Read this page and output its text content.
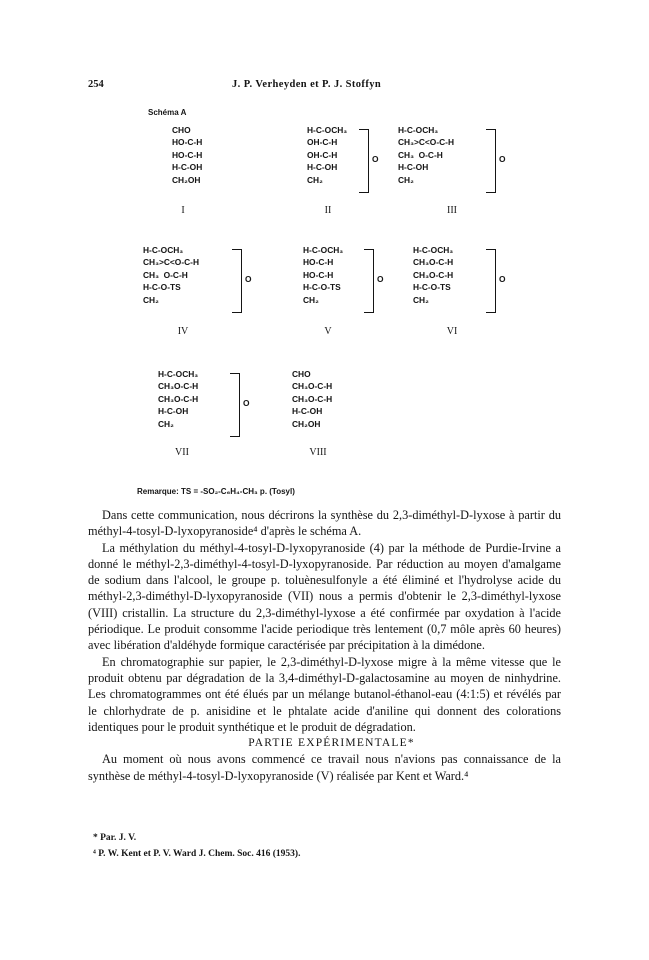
254	J. P. Verheyden et P. J. Stoffyn
Schéma A
CHO
HO-C-H
HO-C-H
H-C-OH
CH₂OH
I
H-C-OCH₃
OH-C-H
OH-C-H
H-C-OH
CH₂
O
II
H-C-OCH₃
CH₃>C<O-C-H
CH₃  O-C-H
H-C-OH
CH₂
O
III
H-C-OCH₃
CH₃>C<O-C-H
CH₃  O-C-H
H-C-O-TS
CH₂
O
IV
H-C-OCH₃
HO-C-H
HO-C-H
H-C-O-TS
CH₂
O
V
H-C-OCH₃
CH₃O-C-H
CH₃O-C-H
H-C-O-TS
CH₂
O
VI
H-C-OCH₃
CH₃O-C-H
CH₃O-C-H
H-C-OH
CH₂
O
VII
CHO
CH₃O-C-H
CH₃O-C-H
H-C-OH
CH₂OH
VIII
Remarque: TS = -SO₂-C₆H₄-CH₃ p. (Tosyl)

Dans cette communication, nous décrirons la synthèse du 2,3-diméthyl-D-lyxose à partir du méthyl-4-tosyl-D-lyxopyranoside⁴ d'après le schéma A.

La méthylation du méthyl-4-tosyl-D-lyxopyranoside (4) par la méthode de Purdie-Irvine a donné le méthyl-2,3-diméthyl-4-tosyl-D-lyxopyranoside. Par réduction au moyen d'amalgame de sodium dans l'alcool, le groupe p. toluènesulfonyle a été éliminé et l'hydrolyse acide du méthyl-2,3-diméthyl-D-lyxopyranoside (VII) nous a permis d'obtenir le 2,3-diméthyl-lyxose (VIII) cristallin. La structure du 2,3-diméthyl-lyxose a été confirmée par oxydation à l'acide périodique. Le produit consomme l'acide periodique très lentement (0,7 môle après 60 heures) avec libération d'aldéhyde formique caractérisée par précipitation à la dimédone.

En chromatographie sur papier, le 2,3-diméthyl-D-lyxose migre à la même vitesse que le produit obtenu par dégradation de la 3,4-diméthyl-D-galactosamine au moyen de ninhydrine. Les chromatogrammes ont été élués par un mélange butanol-éthanol-eau (4:1:5) et révélés par le chlorhydrate de p. anisidine et le phtalate acide d'aniline qui donnent des colorations identiques pour le produit synthétique et le produit de dégradation.

PARTIE EXPÉRIMENTALE*

Au moment où nous avons commencé ce travail nous n'avions pas connaissance de la synthèse de méthyl-4-tosyl-D-lyxopyranoside (V) réalisée par Kent et Ward.⁴

* Par. J. V.
⁴ P. W. Kent et P. V. Ward J. Chem. Soc. 416 (1953).
